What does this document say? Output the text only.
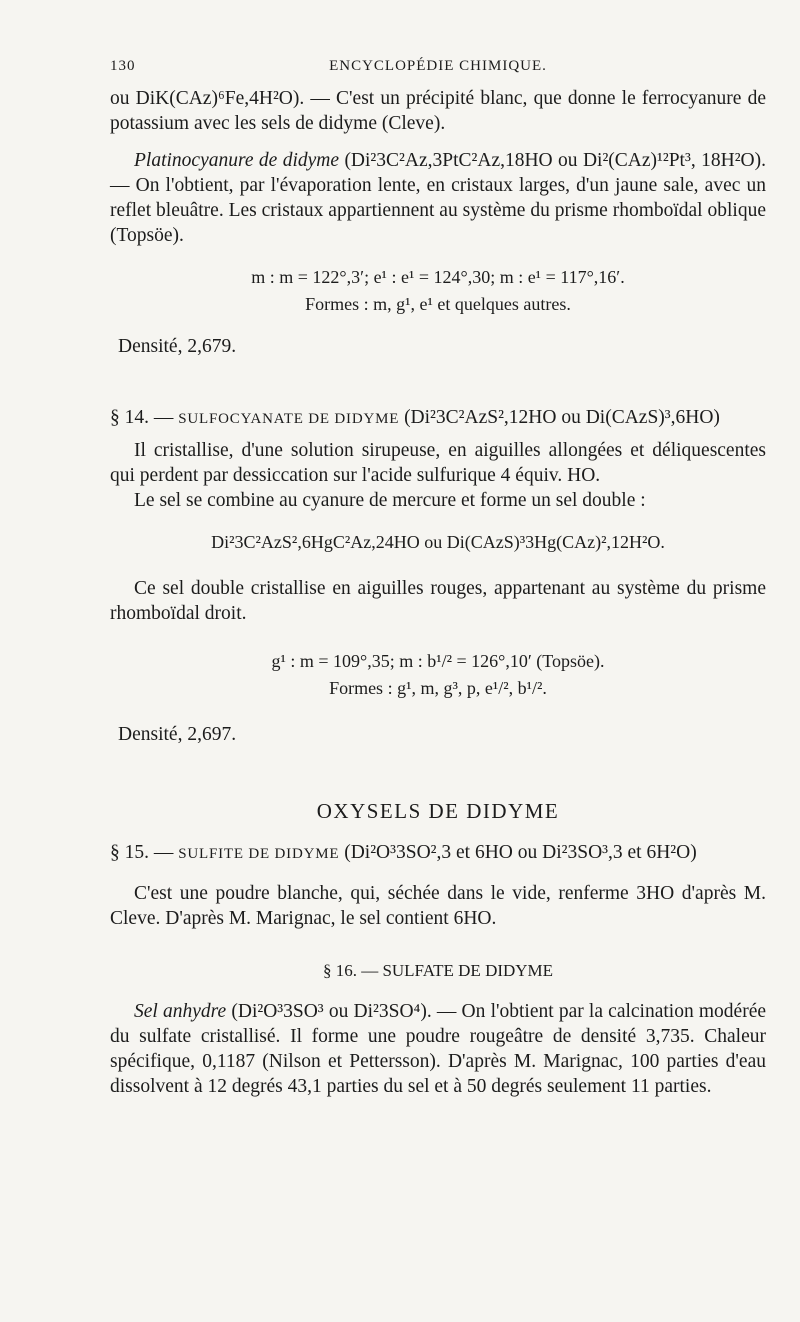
130	ENCYCLOPÉDIE CHIMIQUE.

ou DiK(CAz)⁶Fe,4H²O). — C'est un précipité blanc, que donne le ferrocyanure de potassium avec les sels de didyme (Cleve).

Platinocyanure de didyme (Di²3C²Az,3PtC²Az,18HO ou Di²(CAz)¹²Pt³, 18H²O). — On l'obtient, par l'évaporation lente, en cristaux larges, d'un jaune sale, avec un reflet bleuâtre. Les cristaux appartiennent au système du prisme rhomboïdal oblique (Topsöe).

m : m = 122°,3′; e¹ : e¹ = 124°,30; m : e¹ = 117°,16′.

Formes : m, g¹, e¹ et quelques autres.

Densité, 2,679.

§ 14. — SULFOCYANATE DE DIDYME (Di²3C²AzS²,12HO ou Di(CAzS)³,6HO)

Il cristallise, d'une solution sirupeuse, en aiguilles allongées et déliquescentes qui perdent par dessiccation sur l'acide sulfurique 4 équiv. HO.

Le sel se combine au cyanure de mercure et forme un sel double :

Di²3C²AzS²,6HgC²Az,24HO ou Di(CAzS)³3Hg(CAz)²,12H²O.

Ce sel double cristallise en aiguilles rouges, appartenant au système du prisme rhomboïdal droit.

g¹ : m = 109°,35; m : b¹/² = 126°,10′ (Topsöe).

Formes : g¹, m, g³, p, e¹/², b¹/².

Densité, 2,697.

OXYSELS DE DIDYME

§ 15. — SULFITE DE DIDYME (Di²O³3SO²,3 et 6HO ou Di²3SO³,3 et 6H²O)

C'est une poudre blanche, qui, séchée dans le vide, renferme 3HO d'après M. Cleve. D'après M. Marignac, le sel contient 6HO.

§ 16. — SULFATE DE DIDYME

Sel anhydre (Di²O³3SO³ ou Di²3SO⁴). — On l'obtient par la calcination modérée du sulfate cristallisé. Il forme une poudre rougeâtre de densité 3,735. Chaleur spécifique, 0,1187 (Nilson et Pettersson). D'après M. Marignac, 100 parties d'eau dissolvent à 12 degrés 43,1 parties du sel et à 50 degrés seulement 11 parties.
